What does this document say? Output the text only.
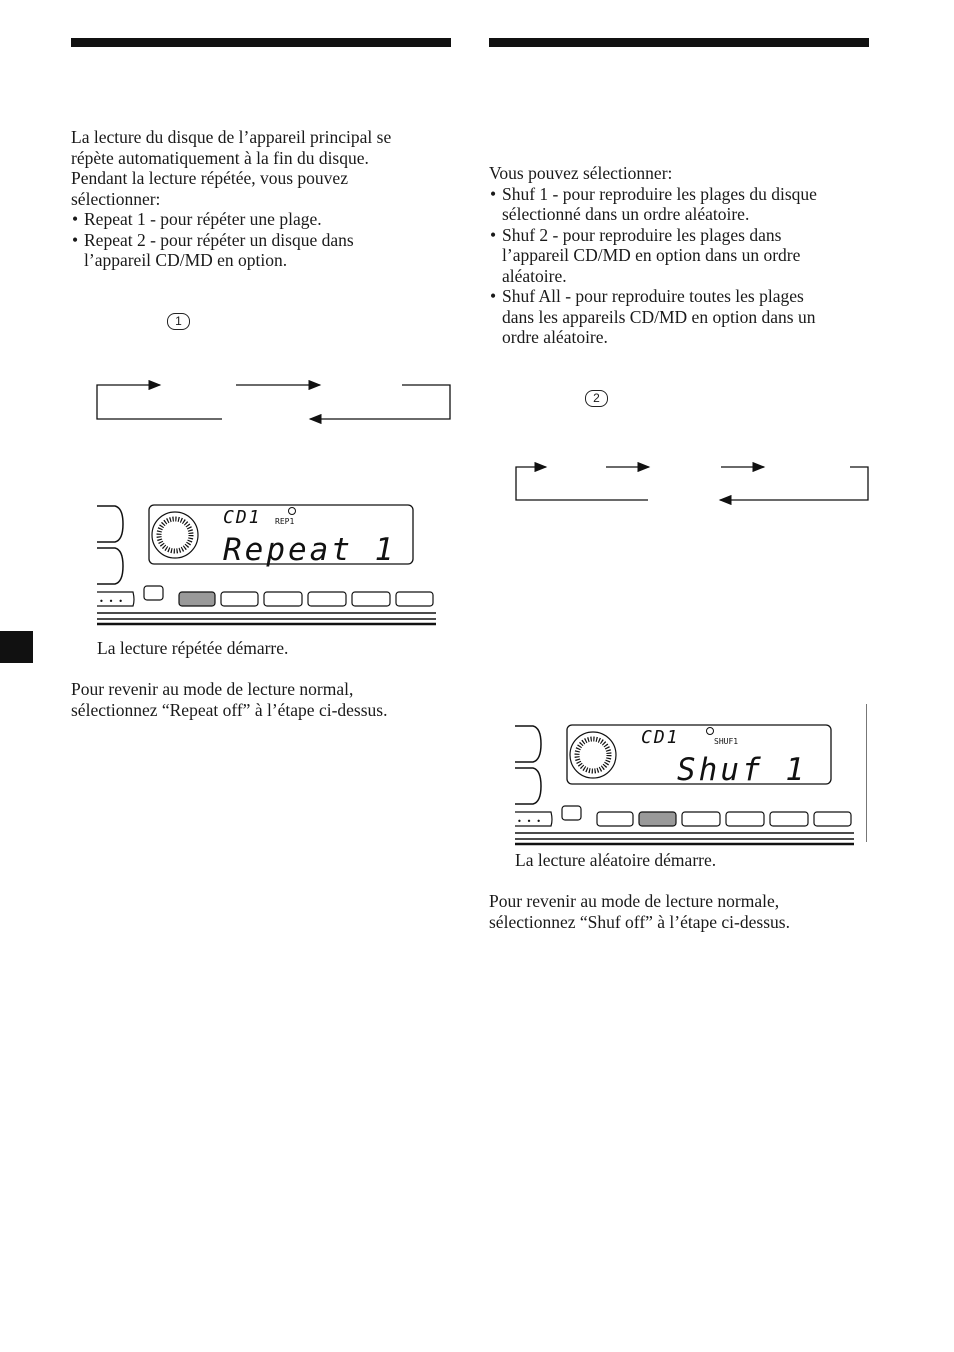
La lecture du disque de l’appareil principal se
répète automatiquement à la fin du disque.
Pendant la lecture répétée, vous pouvez
sélectionner:
• Repeat 1 - pour répéter une plage.
• Repeat 2 - pour répéter un disque dans
l’appareil CD/MD en option.
1
CD1 REP1
Repeat 1
• • •
La lecture répétée démarre.
Pour revenir au mode de lecture normal,
sélectionnez “Repeat off” à l’étape ci-dessus.
Vous pouvez sélectionner:
• Shuf 1 - pour reproduire les plages du disque
sélectionné dans un ordre aléatoire.
• Shuf 2 - pour reproduire les plages dans
l’appareil CD/MD en option dans un ordre
aléatoire.
• Shuf All - pour reproduire toutes les plages
dans les appareils CD/MD en option dans un
ordre aléatoire.
2
CD1	SHUF1
Shuf 1
• • •
La lecture aléatoire démarre.
Pour revenir au mode de lecture normale,
sélectionnez “Shuf off” à l’étape ci-dessus.
